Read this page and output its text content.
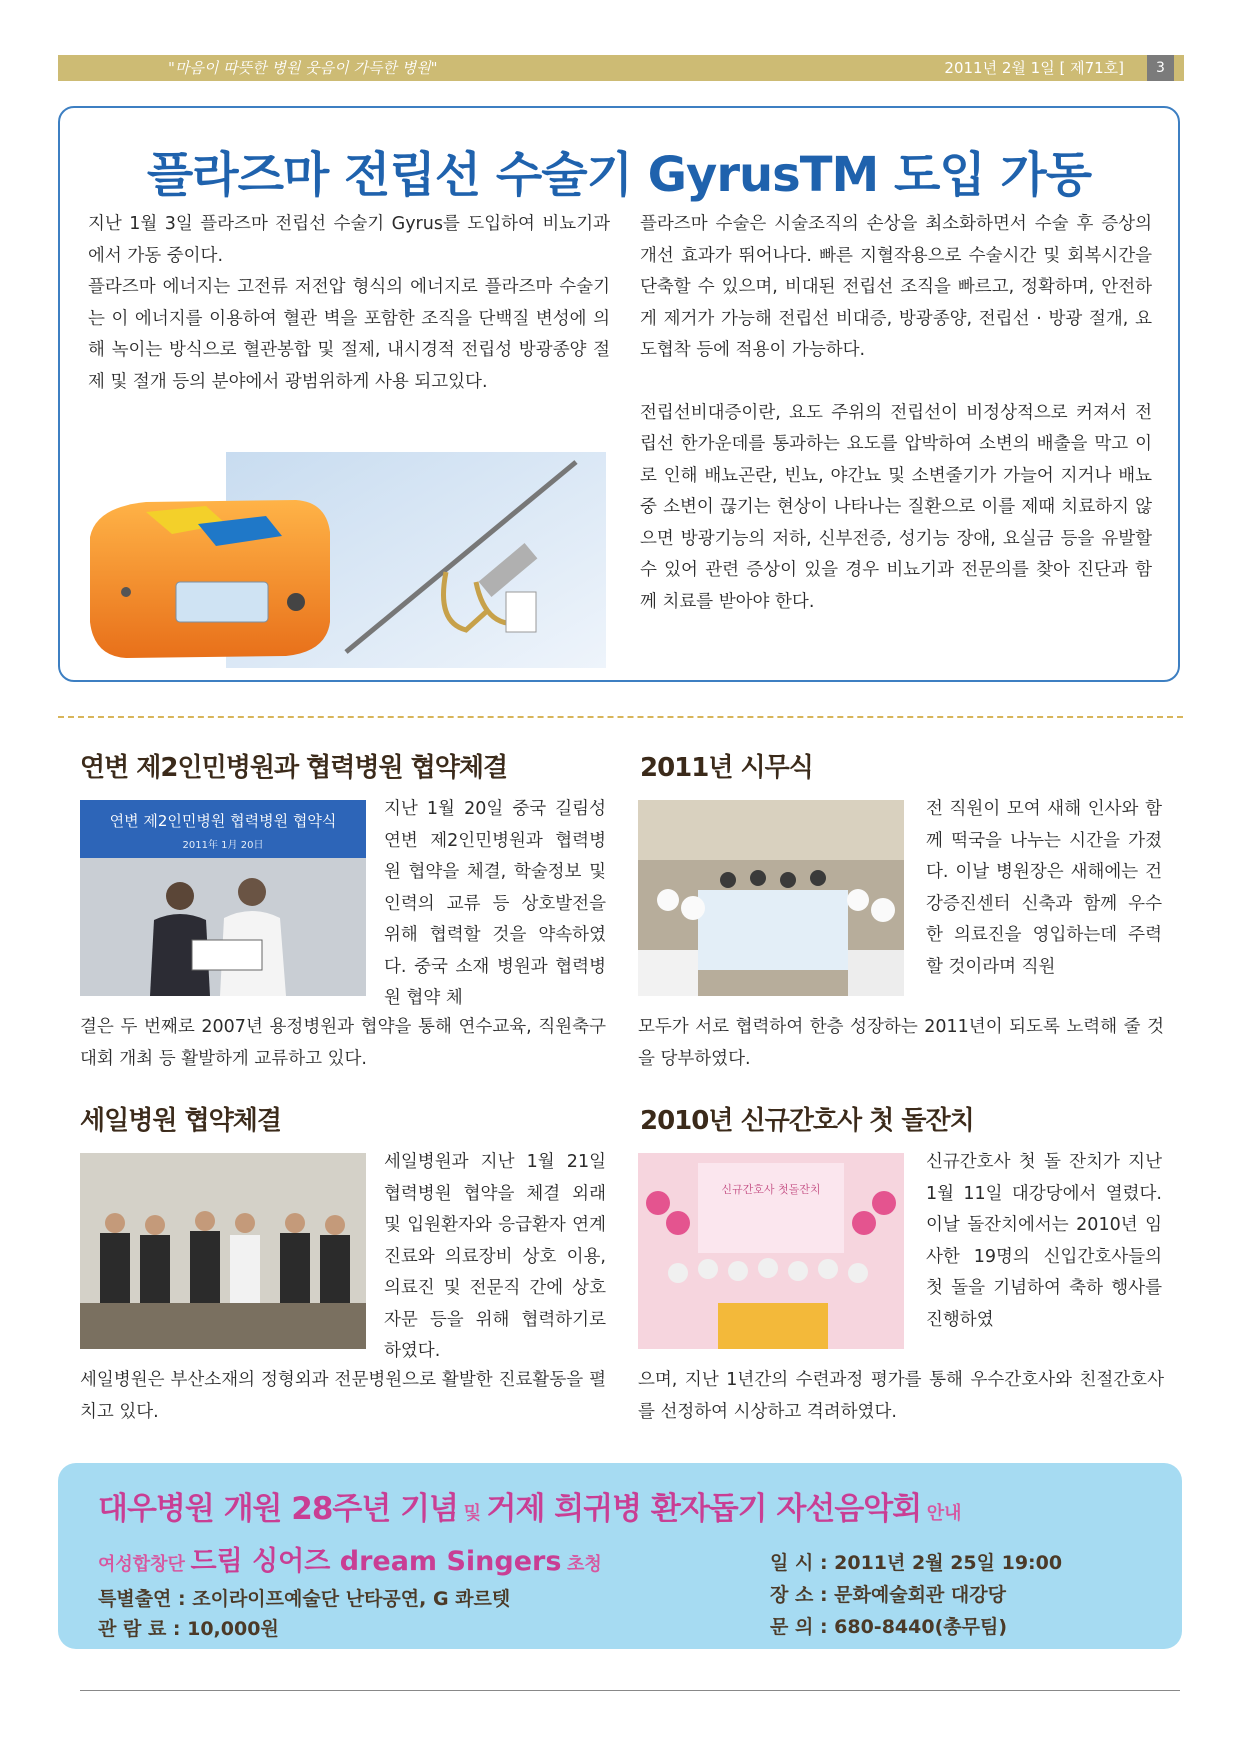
"마음이 따뜻한 병원 웃음이 가득한 병원"	2011년 2월 1일 [ 제71호]	3
플라즈마 전립선 수술기 GyrusTM 도입 가동

지난 1월 3일 플라즈마 전립선 수술기 Gyrus를 도입하여 비뇨기과에서 가동 중이다.

플라즈마 에너지는 고전류 저전압 형식의 에너지로 플라즈마 수술기는 이 에너지를 이용하여 혈관 벽을 포함한 조직을 단백질 변성에 의해 녹이는 방식으로 혈관봉합 및 절제, 내시경적 전립성 방광종양 절제 및 절개 등의 분야에서 광범위하게 사용 되고있다.

플라즈마 수술은 시술조직의 손상을 최소화하면서 수술 후 증상의 개선 효과가 뛰어나다. 빠른 지혈작용으로 수술시간 및 회복시간을 단축할 수 있으며, 비대된 전립선 조직을 빠르고, 정확하며, 안전하게 제거가 가능해 전립선 비대증, 방광종양, 전립선 · 방광 절개, 요도협착 등에 적용이 가능하다.

전립선비대증이란, 요도 주위의 전립선이 비정상적으로 커져서 전립선 한가운데를 통과하는 요도를 압박하여 소변의 배출을 막고 이로 인해 배뇨곤란, 빈뇨, 야간뇨 및 소변줄기가 가늘어 지거나 배뇨 중 소변이 끊기는 현상이 나타나는 질환으로 이를 제때 치료하지 않으면 방광기능의 저하, 신부전증, 성기능 장애, 요실금 등을 유발할 수 있어 관련 증상이 있을 경우 비뇨기과 전문의를 찾아 진단과 함께 치료를 받아야 한다.

연변 제2인민병원과 협력병원 협약체결
연변 제2인민병원 협력병원 협약식
2011年 1月 20日
지난 1월 20일 중국 길림성 연변 제2인민병원과 협력병원 협약을 체결, 학술정보 및 인력의 교류 등 상호발전을 위해 협력할 것을 약속하였다. 중국 소재 병원과 협력병원 협약 체
결은 두 번째로 2007년 용정병원과 협약을 통해 연수교육, 직원축구대회 개최 등 활발하게 교류하고 있다.
2011년 시무식
전 직원이 모여 새해 인사와 함께 떡국을 나누는 시간을 가졌다. 이날 병원장은 새해에는 건강증진센터 신축과 함께 우수한 의료진을 영입하는데 주력 할 것이라며 직원
모두가 서로 협력하여 한층 성장하는 2011년이 되도록 노력해 줄 것을 당부하였다.
세일병원 협약체결
세일병원과 지난 1월 21일 협력병원 협약을 체결 외래 및 입원환자와 응급환자 연계진료와 의료장비 상호 이용, 의료진 및 전문직 간에 상호 자문 등을 위해 협력하기로 하였다.
세일병원은 부산소재의 정형외과 전문병원으로 활발한 진료활동을 펼치고 있다.
2010년 신규간호사 첫 돌잔치
신규간호사 첫돌잔치
신규간호사 첫 돌 잔치가 지난 1월 11일 대강당에서 열렸다. 이날 돌잔치에서는 2010년 임사한 19명의 신입간호사들의 첫 돌을 기념하여 축하 행사를 진행하였
으며, 지난 1년간의 수련과정 평가를 통해 우수간호사와 친절간호사를 선정하여 시상하고 격려하였다.
대우병원 개원 28주년 기념 및 거제 희귀병 환자돕기 자선음악회 안내
여성합창단 드림 싱어즈 dream Singers 초청

특별출연 : 조이라이프예술단 난타공연, G 콰르텟

관 람 료 : 10,000원

일 시 : 2011년 2월 25일 19:00

장 소 : 문화예술회관 대강당

문 의 : 680-8440(총무팀)
